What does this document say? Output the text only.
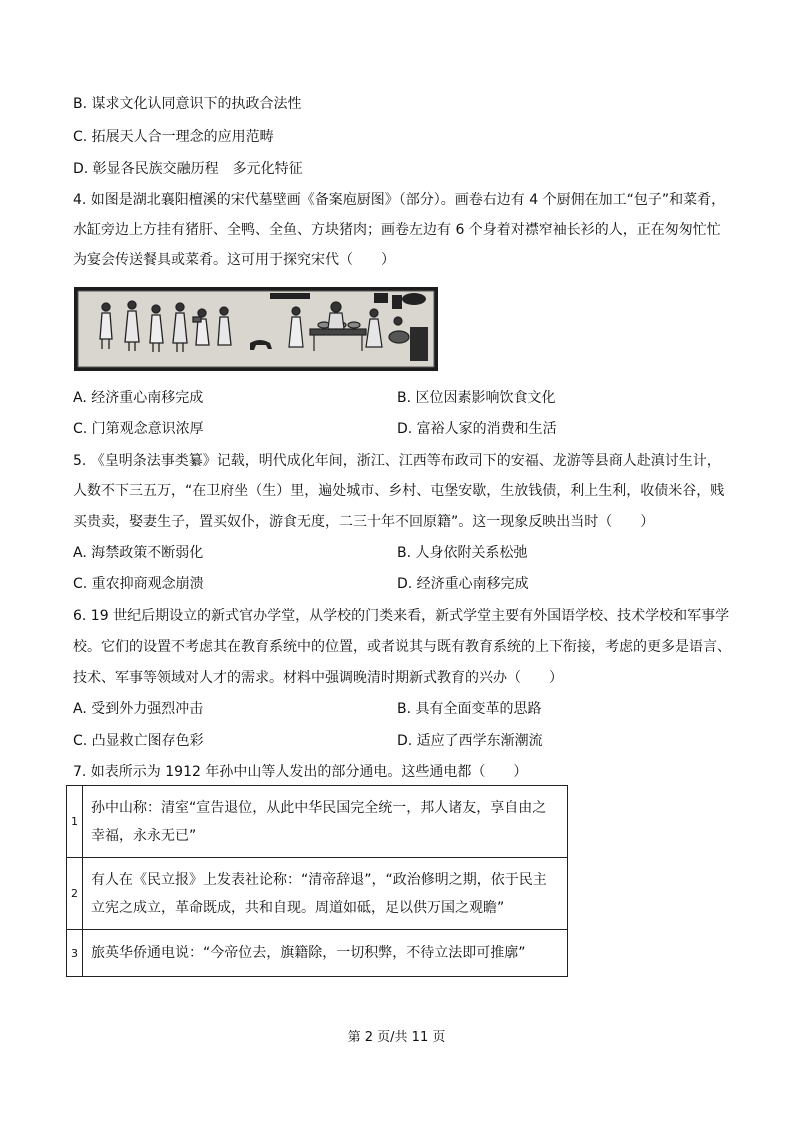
B. 谋求文化认同意识下的执政合法性
C. 拓展天人合一理念的应用范畴
D. 彰显各民族交融历程　多元化特征
4. 如图是湖北襄阳檀溪的宋代墓壁画《备案庖厨图》（部分）。画卷右边有 4 个厨佣在加工“包子”和菜肴，
水缸旁边上方挂有猪肝、全鸭、全鱼、方块猪肉；画卷左边有 6 个身着对襟窄袖长衫的人，正在匆匆忙忙
为宴会传送餐具或菜肴。这可用于探究宋代（　　）
A. 经济重心南移完成	B. 区位因素影响饮食文化
C. 门第观念意识浓厚	D. 富裕人家的消费和生活
5. 《皇明条法事类纂》记载，明代成化年间，浙江、江西等布政司下的安福、龙游等县商人赴滇讨生计，
人数不下三五万，“在卫府坐（生）里，遍处城市、乡村、屯堡安歇，生放钱债，利上生利，收债米谷，贱
买贵卖，娶妻生子，置买奴仆，游食无度，二三十年不回原籍”。这一现象反映出当时（　　）
A. 海禁政策不断弱化	B. 人身依附关系松弛
C. 重农抑商观念崩溃	D. 经济重心南移完成
6. 19 世纪后期设立的新式官办学堂，从学校的门类来看，新式学堂主要有外国语学校、技术学校和军事学
校。它们的设置不考虑其在教育系统中的位置，或者说其与既有教育系统的上下衔接，考虑的更多是语言、
技术、军事等领域对人才的需求。材料中强调晚清时期新式教育的兴办（　　）
A. 受到外力强烈冲击	B. 具有全面变革的思路
C. 凸显救亡图存色彩	D. 适应了西学东渐潮流
7. 如表所示为 1912 年孙中山等人发出的部分通电。这些通电都（　　）
1	孙中山称：清室“宣告退位，从此中华民国完全统一，邦人诸友，享自由之
幸福，永永无已”

2	有人在《民立报》上发表社论称：“清帝辞退”，“政治修明之期，依于民主
立宪之成立，革命既成，共和自现。周道如砥，足以供万国之观瞻”

3	旅英华侨通电说：“今帝位去，旗籍除，一切积弊，不待立法即可推廓”
第 2 页/共 11 页
